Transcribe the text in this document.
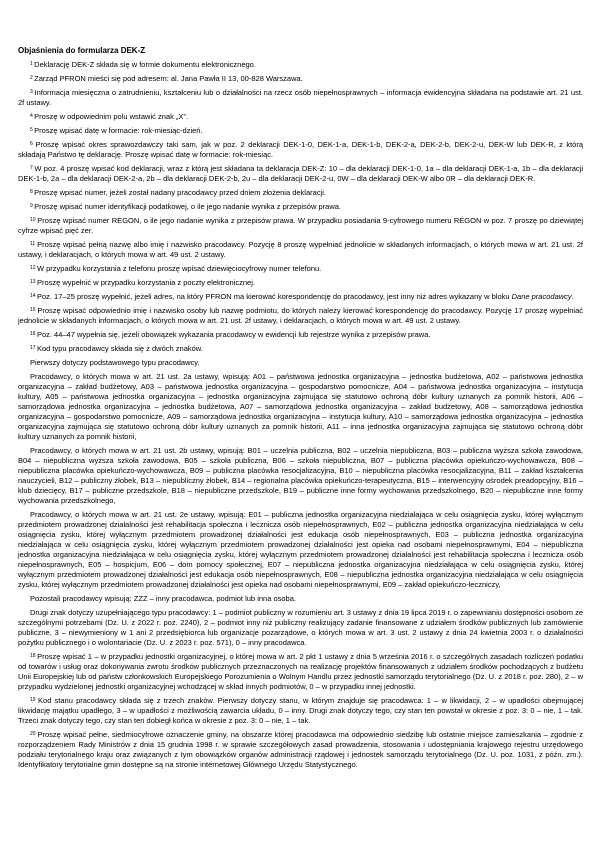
Objaśnienia do formularza DEK-Z

$^1$ Deklarację DEK-Z składa się w formie dokumentu elektronicznego.

$^2$ Zarząd PFRON mieści się pod adresem: al. Jana Pawła II 13, 00-828 Warszawa.

$^3$ Informacja miesięczna o zatrudnieniu, kształceniu lub o działalności na rzecz osób niepełnosprawnych – informacja ewidencyjna składana na podstawie art. 21 ust. 2f ustawy.

$^4$ Proszę w odpowiednim polu wstawić znak „X”.

$^5$ Proszę wpisać datę w formacie: rok-miesiąc-dzień.

$^6$ Proszę wpisać okres sprawozdawczy taki sam, jak w poz. 2 deklaracji DEK-1-0, DEK-1-a, DEK-1-b, DEK-2-a, DEK-2-b, DEK-2-u, DEK-W lub DEK-R, z którą składają Państwo tę deklarację. Proszę wpisać datę w formacie: rok-miesiąc.

$^7$ W poz. 4 proszę wpisać kod deklaracji, wraz z którą jest składana ta deklaracja DEK-Z: 10 – dla deklaracji DEK-1-0, 1a – dla deklaracji DEK-1-a, 1b – dla deklaracji DEK-1-b, 2a – dla deklaracji DEK-2-a, 2b – dla deklaracji DEK-2-b, 2u – dla deklaracji DEK-2-u, 0W – dla deklaracji DEK-W albo 0R – dla deklaracji DEK-R.

$^8$ Proszę wpisać numer, jeżeli został nadany pracodawcy przed dniem złożenia deklaracji.

$^9$ Proszę wpisać numer identyfikacji podatkowej, o ile jego nadanie wynika z przepisów prawa.

$^{10}$ Proszę wpisać numer REGON, o ile jego nadanie wynika z przepisów prawa. W przypadku posiadania 9-cyfrowego numeru REGON w poz. 7 proszę po dziewiątej cyfrze wpisać pięć zer.

$^{11}$ Proszę wpisać pełną nazwę albo imię i nazwisko pracodawcy. Pozycję 8 proszę wypełniać jednolicie w składanych informacjach, o których mowa w art. 21 ust. 2f ustawy, i deklaracjach, o których mowa w art. 49 ust. 2 ustawy.

$^{12}$ W przypadku korzystania z telefonu proszę wpisać dziewięciocyfrowy numer telefonu.

$^{13}$ Proszę wypełnić w przypadku korzystania z poczty elektronicznej.

$^{14}$ Poz. 17–25 proszę wypełnić, jeżeli adres, na który PFRON ma kierować korespondencję do pracodawcy, jest inny niż adres wykazany w bloku Dane pracodawcy.

$^{15}$ Proszę wpisać odpowiednio imię i nazwisko osoby lub nazwę podmiotu, do których należy kierować korespondencję do pracodawcy. Pozycję 17 proszę wypełniać jednolicie w składanych informacjach, o których mowa w art. 21 ust. 2f ustawy, i deklaracjach, o których mowa w art. 49 ust. 2 ustawy.

$^{16}$ Poz. 44–47 wypełnia się, jeżeli obowiązek wykazania pracodawcy w ewidencji lub rejestrze wynika z przepisów prawa.

$^{17}$ Kod typu pracodawcy składa się z dwóch znaków.

Pierwszy dotyczy podstawowego typu pracodawcy.

Pracodawcy, o których mowa w art. 21 ust. 2a ustawy, wpisują: A01 – państwowa jednostka organizacyjna – jednostka budżetowa, A02 – państwowa jednostka organizacyjna – zakład budżetowy, A03 – państwowa jednostka organizacyjna – gospodarstwo pomocnicze, A04 – państwowa jednostka organizacyjna – instytucja kultury, A05 – państwowa jednostka organizacyjna – jednostka organizacyjna zajmująca się statutowo ochroną dóbr kultury uznanych za pomnik historii, A06 – samorządowa jednostka organizacyjna – jednostka budżetowa, A07 – samorządowa jednostka organizacyjna – zakład budżetowy, A08 – samorządowa jednostka organizacyjna – gospodarstwo pomocnicze, A09 – samorządowa jednostka organizacyjna – instytucja kultury, A10 – samorządowa jednostka organizacyjna – jednostka organizacyjna zajmująca się statutowo ochroną dóbr kultury uznanych za pomnik historii, A11 – inna jednostka organizacyjna zajmująca się statutowo ochroną dóbr kultury uznanych za pomnik historii,

Pracodawcy, o których mowa w art. 21 ust. 2b ustawy, wpisują: B01 – uczelnia publiczna, B02 – uczelnia niepubliczna, B03 – publiczna wyższa szkoła zawodowa, B04 – niepubliczna wyższa szkoła zawodowa, B05 – szkoła publiczna, B06 – szkoła niepubliczna, B07 – publiczna placówka opiekuńczo-wychowawcza, B08 – niepubliczna placówka opiekuńczo-wychowawcza, B09 – publiczna placówka resocjalizacyjna, B10 – niepubliczna placówka resocjalizacyjna, B11 – zakład kształcenia nauczycieli, B12 – publiczny żłobek, B13 – niepubliczny żłobek, B14 – regionalna placówka opiekuńczo-terapeutyczna, B15 – interwencyjny ośrodek preadopcyjny, B16 – klub dziecięcy, B17 – publiczne przedszkole, B18 – niepubliczne przedszkole, B19 – publiczne inne formy wychowania przedszkolnego, B20 – niepubliczne inne formy wychowania przedszkolnego,

Pracodawcy, o których mowa w art. 21 ust. 2e ustawy, wpisują: E01 – publiczna jednostka organizacyjna niedziałająca w celu osiągnięcia zysku, której wyłącznym przedmiotem prowadzonej działalności jest rehabilitacja społeczna i lecznicza osób niepełnosprawnych, E02 – publiczna jednostka organizacyjna niedziałająca w celu osiągnięcia zysku, której wyłącznym przedmiotem prowadzonej działalności jest edukacja osób niepełnosprawnych, E03 – publiczna jednostka organizacyjna niedziałająca w celu osiągnięcia zysku, której wyłącznym przedmiotem prowadzonej działalności jest opieka nad osobami niepełnosprawnymi, E04 – niepubliczna jednostka organizacyjna niedziałająca w celu osiągnięcia zysku, której wyłącznym przedmiotem prowadzonej działalności jest rehabilitacja społeczna i lecznicza osób niepełnosprawnych, E05 – hospicjum, E06 – dom pomocy społecznej, E07 – niepubliczna jednostka organizacyjna niedziałająca w celu osiągnięcia zysku, której wyłącznym przedmiotem prowadzonej działalności jest edukacja osób niepełnosprawnych, E08 – niepubliczna jednostka organizacyjna niedziałająca w celu osiągnięcia zysku, której wyłącznym przedmiotem prowadzonej działalności jest opieka nad osobami niepełnosprawnymi, E09 – zakład opiekuńczo-leczniczy,

Pozostali pracodawcy wpisują: ZZZ – inny pracodawca, podmiot lub inna osoba.

Drugi znak dotyczy uzupełniającego typu pracodawcy: 1 – podmiot publiczny w rozumieniu art. 3 ustawy z dnia 19 lipca 2019 r. o zapewnianiu dostępności osobom ze szczególnymi potrzebami (Dz. U. z 2022 r. poz. 2240), 2 – podmiot inny niż publiczny realizujący zadanie finansowane z udziałem środków publicznych lub zamówienie publiczne, 3 – niewymieniony w 1 ani 2 przedsiębiorca lub organizacje pozarządowe, o których mowa w art. 3 ust. 2 ustawy z dnia 24 kwietnia 2003 r. o działalności pożytku publicznego i o wolontariacie (Dz. U. z 2023 r. poz. 571), 0 – inny pracodawca.

$^{18}$ Proszę wpisać 1 – w przypadku jednostki organizacyjnej, o której mowa w art. 2 pkt 1 ustawy z dnia 5 września 2016 r. o szczególnych zasadach rozliczeń podatku od towarów i usług oraz dokonywania zwrotu środków publicznych przeznaczonych na realizację projektów finansowanych z udziałem środków pochodzących z budżetu Unii Europejskiej lub od państw członkowskich Europejskiego Porozumienia o Wolnym Handlu przez jednostki samorządu terytorialnego (Dz. U. z 2018 r. poz. 280), 2 – w przypadku wydzielonej jednostki organizacyjnej wchodzącej w skład innych podmiotów, 0 – w przypadku innej jednostki.

$^{19}$ Kod stanu pracodawcy składa się z trzech znaków. Pierwszy dotyczy stanu, w którym znajduje się pracodawca: 1 – w likwidacji, 2 – w upadłości obejmującej likwidację majątku upadłego, 3 – w upadłości z możliwością zawarcia układu, 0 – inny. Drugi znak dotyczy tego, czy stan ten powstał w okresie z poz. 3: 0 – nie, 1 – tak. Trzeci znak dotyczy tego, czy stan ten dobiegł końca w okresie z poz. 3: 0 – nie, 1 – tak.

$^{20}$ Proszę wpisać pełne, siedmiocyfrowe oznaczenie gminy, na obszarze której pracodawca ma odpowiednio siedzibę lub ostatnie miejsce zamieszkania – zgodnie z rozporządzeniem Rady Ministrów z dnia 15 grudnia 1998 r. w sprawie szczegółowych zasad prowadzenia, stosowania i udostępniania krajowego rejestru urzędowego podziału terytorialnego kraju oraz związanych z tym obowiązków organów administracji rządowej i jednostek samorządu terytorialnego (Dz. U. poz. 1031, z późn. zm.). Identyfikatory terytorialne gmin dostępne są na stronie internetowej Głównego Urzędu Statystycznego.
